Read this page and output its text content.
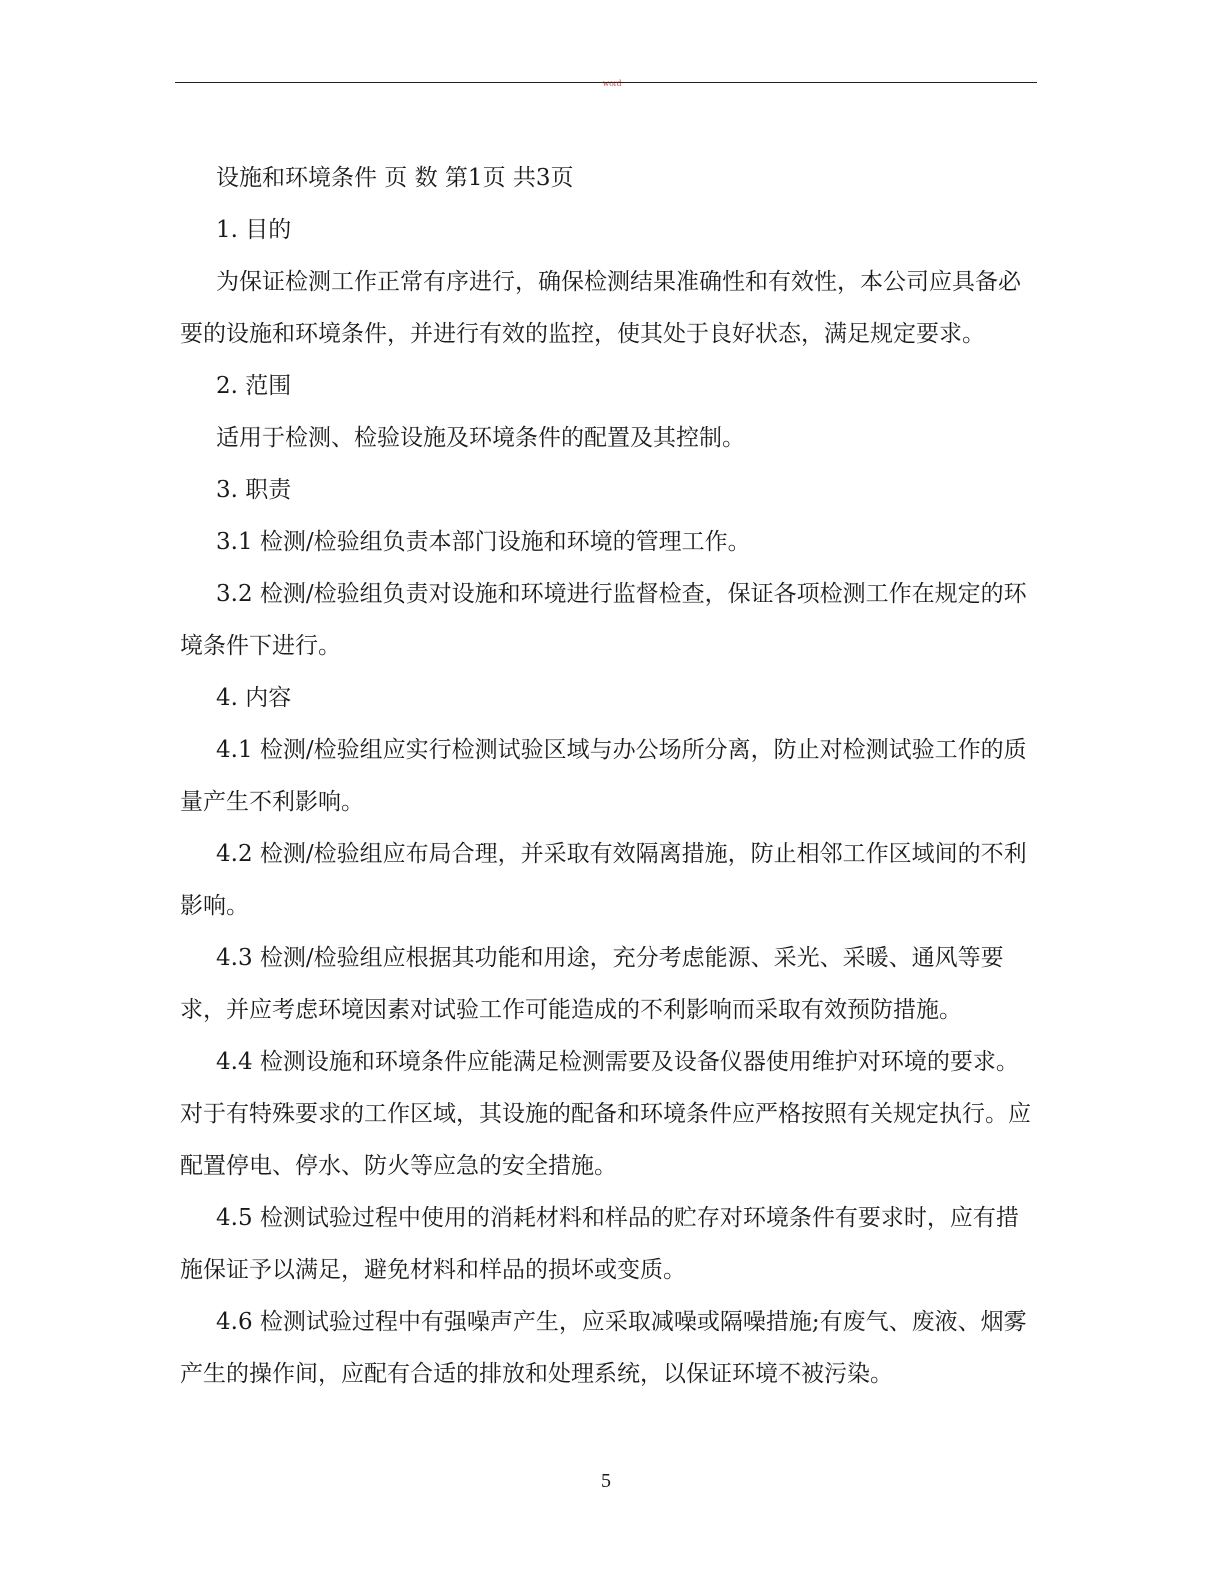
word

设施和环境条件 页 数 第1页 共3页

1. 目的

为保证检测工作正常有序进行，确保检测结果准确性和有效性，本公司应具备必要的设施和环境条件，并进行有效的监控，使其处于良好状态，满足规定要求。

2. 范围

适用于检测、检验设施及环境条件的配置及其控制。

3. 职责

3.1 检测/检验组负责本部门设施和环境的管理工作。

3.2 检测/检验组负责对设施和环境进行监督检查，保证各项检测工作在规定的环境条件下进行。

4. 内容

4.1 检测/检验组应实行检测试验区域与办公场所分离，防止对检测试验工作的质量产生不利影响。

4.2 检测/检验组应布局合理，并采取有效隔离措施，防止相邻工作区域间的不利影响。

4.3 检测/检验组应根据其功能和用途，充分考虑能源、采光、采暖、通风等要求，并应考虑环境因素对试验工作可能造成的不利影响而采取有效预防措施。

4.4 检测设施和环境条件应能满足检测需要及设备仪器使用维护对环境的要求。对于有特殊要求的工作区域，其设施的配备和环境条件应严格按照有关规定执行。应配置停电、停水、防火等应急的安全措施。

4.5 检测试验过程中使用的消耗材料和样品的贮存对环境条件有要求时，应有措施保证予以满足，避免材料和样品的损坏或变质。

4.6 检测试验过程中有强噪声产生，应采取减噪或隔噪措施;有废气、废液、烟雾产生的操作间，应配有合适的排放和处理系统，以保证环境不被污染。

5
